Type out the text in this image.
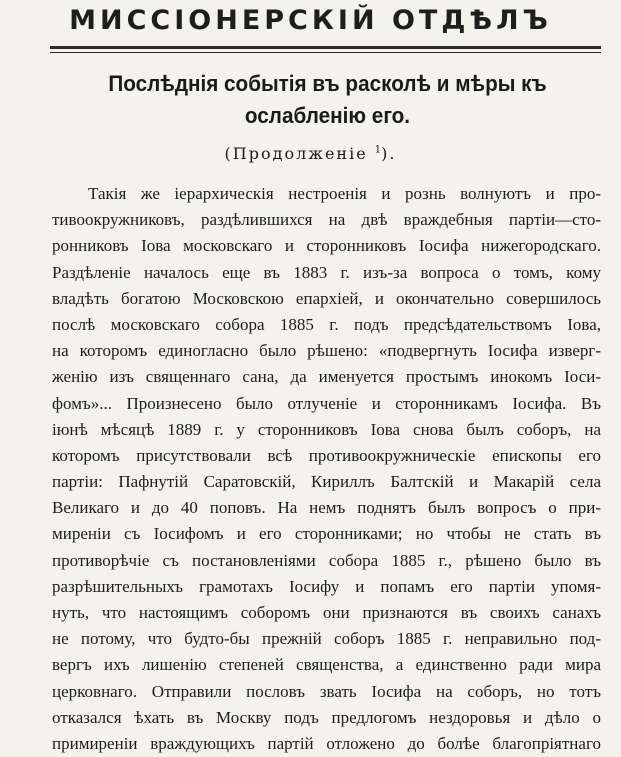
МИССІОНЕРСКІЙ ОТДѢЛЪ
Послѣднія событія въ расколѣ и мѣры къ ослабленію его.
(Продолженіе $^1$).
Такія же іерархическія нестроенія и рознь волнуютъ и про-
тивоокружниковъ, раздѣлившихся на двѣ враждебныя партіи—сто-
ронниковъ Іова московскаго и сторонниковъ Іосифа нижегородскаго.
Раздѣленіе началось еще въ 1883 г. изъ-за вопроса о томъ, кому
владѣть богатою Московскою епархіей, и окончательно совершилось
послѣ московскаго собора 1885 г. подъ предсѣдательствомъ Іова,
на которомъ единогласно было рѣшено: «подвергнуть Іосифа изверг-
женію изъ священнаго сана, да именуется простымъ инокомъ Іоси-
фомъ»... Произнесено было отлученіе и сторонникамъ Іосифа. Въ
іюнѣ мѣсяцѣ 1889 г. у сторонниковъ Іова снова былъ соборъ, на
которомъ присутствовали всѣ противоокружническіе епископы его
партіи: Пафнутій Саратовскій, Кириллъ Балтскій и Макарій села
Великаго и до 40 поповъ. На немъ поднятъ былъ вопросъ о при-
миреніи съ Іосифомъ и его сторонниками; но чтобы не стать въ
противорѣчіе съ постановленіями собора 1885 г., рѣшено было въ
разрѣшительныхъ грамотахъ Іосифу и попамъ его партіи упомя-
нуть, что настоящимъ соборомъ они признаются въ своихъ санахъ
не потому, что будто-бы прежній соборъ 1885 г. неправильно под-
вергъ ихъ лишенію степеней священства, а единственно ради мира
церковнаго. Отправили пословъ звать Іосифа на соборъ, но тотъ
отказался ѣхать въ Москву подъ предлогомъ нездоровья и дѣло о
примиреніи враждующихъ партій отложено до болѣе благопріятнаго
